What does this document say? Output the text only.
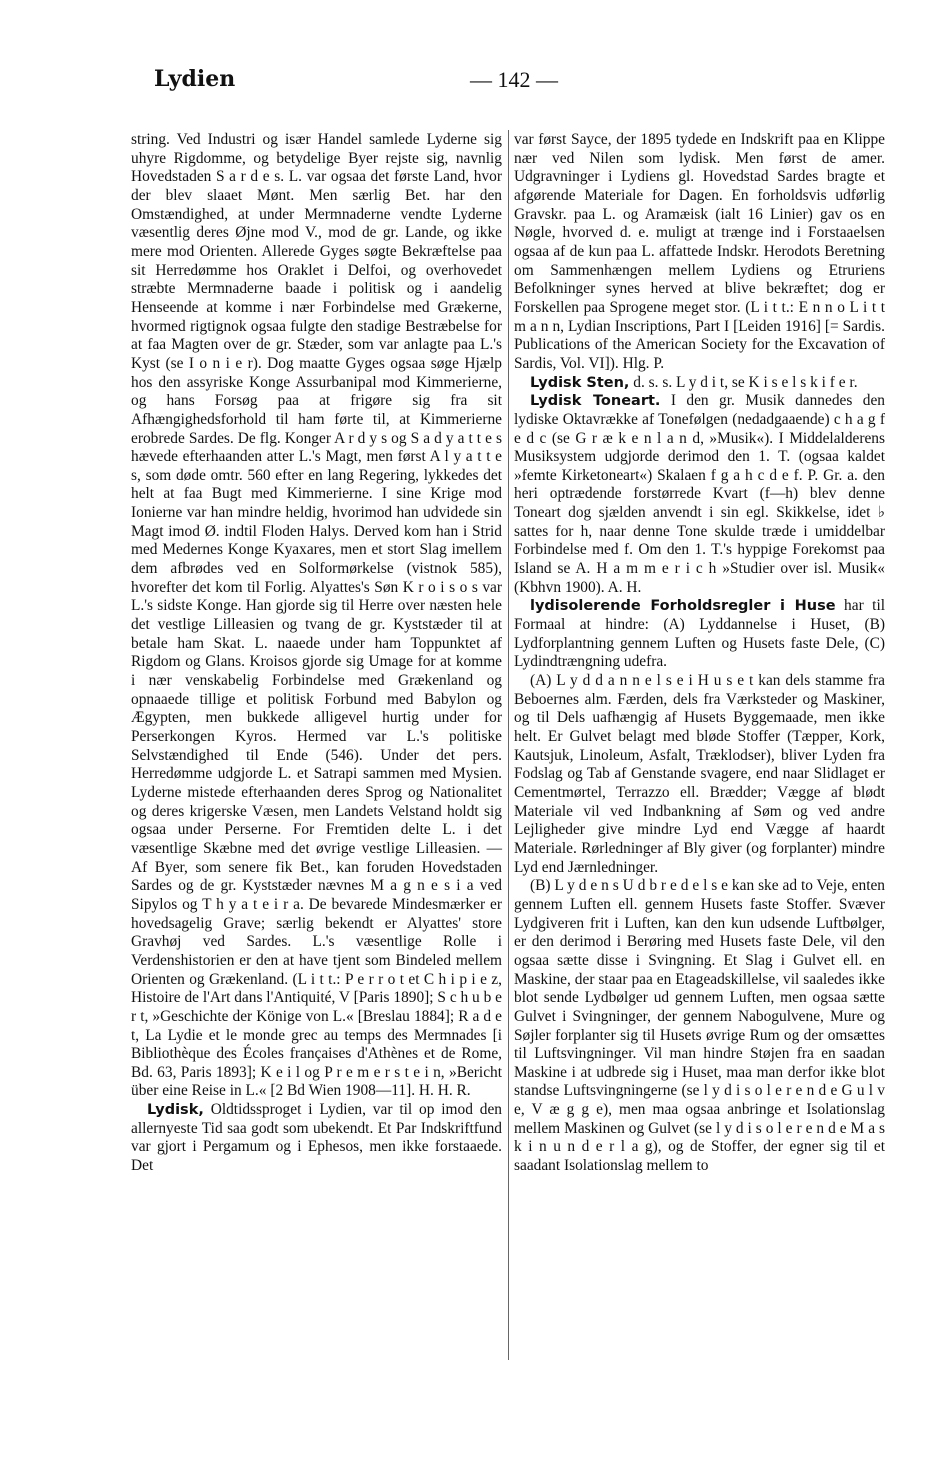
Lydien	— 142 —

string. Ved Industri og især Handel samlede Lyderne sig uhyre Rigdomme, og betydelige Byer rejste sig, navnlig Hovedstaden S a r d e s. L. var ogsaa det første Land, hvor der blev slaaet Mønt. Men særlig Bet. har den Omstændighed, at under Mermnaderne vendte Lyderne væsentlig deres Øjne mod V., mod de gr. Lande, og ikke mere mod Orienten. Allerede Gyges søgte Bekræftelse paa sit Herredømme hos Oraklet i Delfoi, og overhovedet stræbte Mermnaderne baade i politisk og i aandelig Henseende at komme i nær Forbindelse med Grækerne, hvormed rigtignok ogsaa fulgte den stadige Bestræbelse for at faa Magten over de gr. Stæder, som var anlagte paa L.'s Kyst (se I o n i e r). Dog maatte Gyges ogsaa søge Hjælp hos den assyriske Konge Assurbanipal mod Kimmerierne, og hans Forsøg paa at frigøre sig fra sit Afhængighedsforhold til ham førte til, at Kimmerierne erobrede Sardes. De flg. Konger A r d y s og S a d y a t t e s hævede efterhaanden atter L.'s Magt, men først A l y a t t e s, som døde omtr. 560 efter en lang Regering, lykkedes det helt at faa Bugt med Kimmerierne. I sine Krige mod Ionierne var han mindre heldig, hvorimod han udvidede sin Magt imod Ø. indtil Floden Halys. Derved kom han i Strid med Medernes Konge Kyaxares, men et stort Slag imellem dem afbrødes ved en Solformørkelse (vistnok 585), hvorefter det kom til Forlig. Alyattes's Søn K r o i s o s var L.'s sidste Konge. Han gjorde sig til Herre over næsten hele det vestlige Lilleasien og tvang de gr. Kyststæder til at betale ham Skat. L. naaede under ham Toppunktet af Rigdom og Glans. Kroisos gjorde sig Umage for at komme i nær venskabelig Forbindelse med Grækenland og opnaaede tillige et politisk Forbund med Babylon og Ægypten, men bukkede alligevel hurtig under for Perserkongen Kyros. Hermed var L.'s politiske Selvstændighed til Ende (546). Under det pers. Herredømme udgjorde L. et Satrapi sammen med Mysien. Lyderne mistede efterhaanden deres Sprog og Nationalitet og deres krigerske Væsen, men Landets Velstand holdt sig ogsaa under Perserne. For Fremtiden delte L. i det væsentlige Skæbne med det øvrige vestlige Lilleasien. — Af Byer, som senere fik Bet., kan foruden Hovedstaden Sardes og de gr. Kyststæder nævnes M a g n e s i a ved Sipylos og T h y a t e i r a. De bevarede Mindesmærker er hovedsagelig Grave; særlig bekendt er Alyattes' store Gravhøj ved Sardes. L.'s væsentlige Rolle i Verdenshistorien er den at have tjent som Bindeled mellem Orienten og Grækenland. (L i t t.: P e r r o t et C h i p i e z, Histoire de l'Art dans l'Antiquité, V [Paris 1890]; S c h u b e r t, »Geschichte der Könige von L.« [Breslau 1884]; R a d e t, La Lydie et le monde grec au temps des Mermnades [i Bibliothèque des Écoles françaises d'Athènes et de Rome, Bd. 63, Paris 1893]; K e i l og P r e m e r s t e i n, »Bericht über eine Reise in L.« [2 Bd Wien 1908—11]. H. H. R.

Lydisk, Oldtidssproget i Lydien, var til op imod den allernyeste Tid saa godt som ubekendt. Et Par Indskriftfund var gjort i Pergamum og i Ephesos, men ikke forstaaede. Det

var først Sayce, der 1895 tydede en Indskrift paa en Klippe nær ved Nilen som lydisk. Men først de amer. Udgravninger i Lydiens gl. Hovedstad Sardes bragte et afgørende Materiale for Dagen. En forholdsvis udførlig Gravskr. paa L. og Aramæisk (ialt 16 Linier) gav os en Nøgle, hvorved d. e. muligt at trænge ind i Forstaaelsen ogsaa af de kun paa L. affattede Indskr. Herodots Beretning om Sammenhængen mellem Lydiens og Etruriens Befolkninger synes herved at blive bekræftet; dog er Forskellen paa Sprogene meget stor. (L i t t.: E n n o L i t t m a n n, Lydian Inscriptions, Part I [Leiden 1916] [= Sardis. Publications of the American Society for the Excavation of Sardis, Vol. VI]). Hlg. P.

Lydisk Sten, d. s. s. L y d i t, se K i s e l s k i f e r.

Lydisk Toneart. I den gr. Musik dannedes den lydiske Oktavrække af Tonefølgen (nedadgaaende) c h a g f e d c (se G r æ k e n l a n d, »Musik«). I Middelalderens Musiksystem udgjorde derimod den 1. T. (ogsaa kaldet »femte Kirketoneart«) Skalaen f g a h c d e f. P. Gr. a. den heri optrædende forstørrede Kvart (f—h) blev denne Toneart dog sjælden anvendt i sin egl. Skikkelse, idet ♭ sattes for h, naar denne Tone skulde træde i umiddelbar Forbindelse med f. Om den 1. T.'s hyppige Forekomst paa Island se A. H a m m e r i c h »Studier over isl. Musik« (Kbhvn 1900). A. H.

lydisolerende Forholdsregler i Huse har til Formaal at hindre: (A) Lyddannelse i Huset, (B) Lydforplantning gennem Luften og Husets faste Dele, (C) Lydindtrængning udefra.

(A) L y d d a n n e l s e i H u s e t kan dels stamme fra Beboernes alm. Færden, dels fra Værksteder og Maskiner, og til Dels uafhængig af Husets Byggemaade, men ikke helt. Er Gulvet belagt med bløde Stoffer (Tæpper, Kork, Kautsjuk, Linoleum, Asfalt, Træklodser), bliver Lyden fra Fodslag og Tab af Genstande svagere, end naar Slidlaget er Cementmørtel, Terrazzo ell. Brædder; Vægge af blødt Materiale vil ved Indbankning af Søm og ved andre Lejligheder give mindre Lyd end Vægge af haardt Materiale. Rørledninger af Bly giver (og forplanter) mindre Lyd end Jærnledninger.

(B) L y d e n s U d b r e d e l s e kan ske ad to Veje, enten gennem Luften ell. gennem Husets faste Stoffer. Svæver Lydgiveren frit i Luften, kan den kun udsende Luftbølger, er den derimod i Berøring med Husets faste Dele, vil den ogsaa sætte disse i Svingning. Et Slag i Gulvet ell. en Maskine, der staar paa en Etageadskillelse, vil saaledes ikke blot sende Lydbølger ud gennem Luften, men ogsaa sætte Gulvet i Svingninger, der gennem Nabogulvene, Mure og Søjler forplanter sig til Husets øvrige Rum og der omsættes til Luftsvingninger. Vil man hindre Støjen fra en saadan Maskine i at udbrede sig i Huset, maa man derfor ikke blot standse Luftsvingningerne (se l y d i s o l e r e n d e G u l v e, V æ g g e), men maa ogsaa anbringe et Isolationslag mellem Maskinen og Gulvet (se l y d i s o l e r e n d e M a s k i n u n d e r l a g), og de Stoffer, der egner sig til et saadant Isolationslag mellem to
